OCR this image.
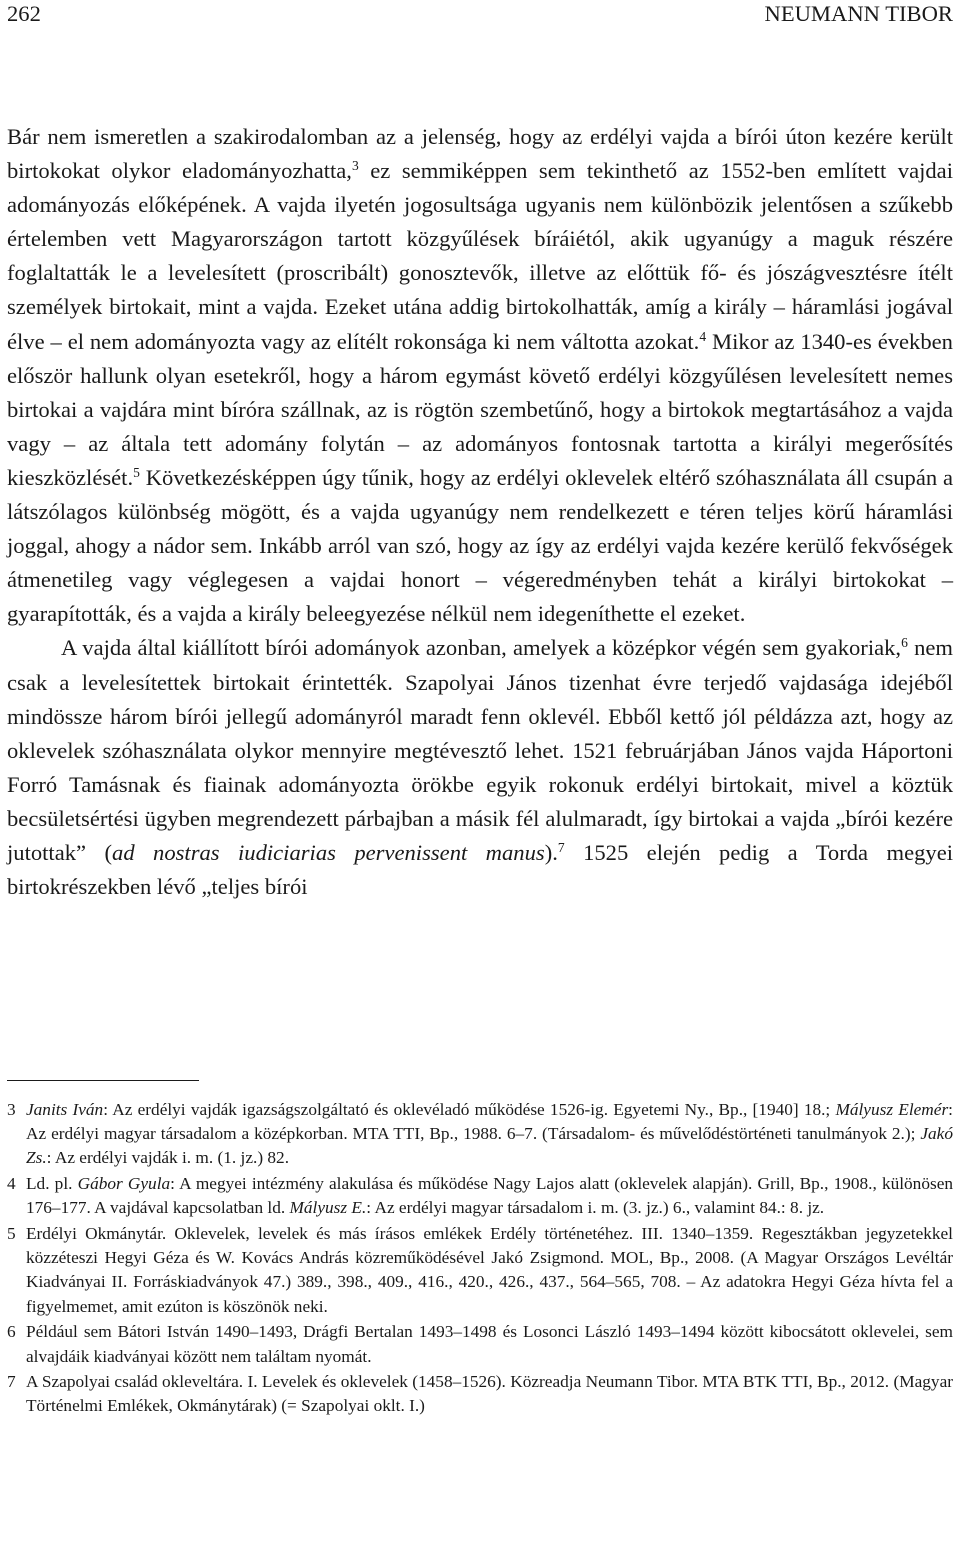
262	NEUMANN TIBOR

Bár nem ismeretlen a szakirodalomban az a jelenség, hogy az erdélyi vajda a bírói úton kezére került birtokokat olykor eladományozhatta,$^3$ ez semmiképpen sem tekinthető az 1552-ben említett vajdai adományozás előképének. A vajda ilyetén jogosultsága ugyanis nem különbözik jelentősen a szűkebb értelemben vett Magyarországon tartott közgyűlések bíráiétól, akik ugyanúgy a maguk részére foglaltatták le a levelesített (proscribált) gonosztevők, illetve az előttük fő- és jószágvesztésre ítélt személyek birtokait, mint a vajda. Ezeket utána addig birtokolhatták, amíg a király – háramlási jogával élve – el nem adományozta vagy az elítélt rokonsága ki nem váltotta azokat.$^4$ Mikor az 1340-es években először hallunk olyan esetekről, hogy a három egymást követő erdélyi közgyűlésen levelesített nemes birtokai a vajdára mint bíróra szállnak, az is rögtön szembetűnő, hogy a birtokok megtartásához a vajda vagy – az általa tett adomány folytán – az adományos fontosnak tartotta a királyi megerősítés kieszközlését.$^5$ Következésképpen úgy tűnik, hogy az erdélyi oklevelek eltérő szóhasználata áll csupán a látszólagos különbség mögött, és a vajda ugyanúgy nem rendelkezett e téren teljes körű háramlási joggal, ahogy a nádor sem. Inkább arról van szó, hogy az így az erdélyi vajda kezére kerülő fekvőségek átmenetileg vagy véglegesen a vajdai honort – végeredményben tehát a királyi birtokokat – gyarapították, és a vajda a király beleegyezése nélkül nem idegeníthette el ezeket.

A vajda által kiállított bírói adományok azonban, amelyek a középkor végén sem gyakoriak,$^6$ nem csak a levelesítettek birtokait érintették. Szapolyai János tizenhat évre terjedő vajdasága idejéből mindössze három bírói jellegű adományról maradt fenn oklevél. Ebből kettő jól példázza azt, hogy az oklevelek szóhasználata olykor mennyire megtévesztő lehet. 1521 februárjában János vajda Háportoni Forró Tamásnak és fiainak adományozta örökbe egyik rokonuk erdélyi birtokait, mivel a köztük becsületsértési ügyben megrendezett párbajban a másik fél alulmaradt, így birtokai a vajda „bírói kezére jutottak” (ad nostras iudiciarias pervenissent manus).$^7$ 1525 elején pedig a Torda megyei birtokrészekben lévő „teljes bírói

3 Janits Iván: Az erdélyi vajdák igazságszolgáltató és oklevéladó működése 1526-ig. Egyetemi Ny., Bp., [1940] 18.; Mályusz Elemér: Az erdélyi magyar társadalom a középkorban. MTA TTI, Bp., 1988. 6–7. (Társadalom- és művelődéstörténeti tanulmányok 2.); Jakó Zs.: Az erdélyi vajdák i. m. (1. jz.) 82.
4 Ld. pl. Gábor Gyula: A megyei intézmény alakulása és működése Nagy Lajos alatt (oklevelek alapján). Grill, Bp., 1908., különösen 176–177. A vajdával kapcsolatban ld. Mályusz E.: Az erdélyi magyar társadalom i. m. (3. jz.) 6., valamint 84.: 8. jz.
5 Erdélyi Okmánytár. Oklevelek, levelek és más írásos emlékek Erdély történetéhez. III. 1340–1359. Regesztákban jegyzetekkel közzéteszi Hegyi Géza és W. Kovács András közreműködésével Jakó Zsigmond. MOL, Bp., 2008. (A Magyar Országos Levéltár Kiadványai II. Forráskiadványok 47.) 389., 398., 409., 416., 420., 426., 437., 564–565, 708. – Az adatokra Hegyi Géza hívta fel a figyelmemet, amit ezúton is köszönök neki.
6 Például sem Bátori István 1490–1493, Drágfi Bertalan 1493–1498 és Losonci László 1493–1494 között kibocsátott oklevelei, sem alvajdáik kiadványai között nem találtam nyomát.
7 A Szapolyai család okleveltára. I. Levelek és oklevelek (1458–1526). Közreadja Neumann Tibor. MTA BTK TTI, Bp., 2012. (Magyar Történelmi Emlékek, Okmánytárak) (= Szapolyai oklt. I.)
